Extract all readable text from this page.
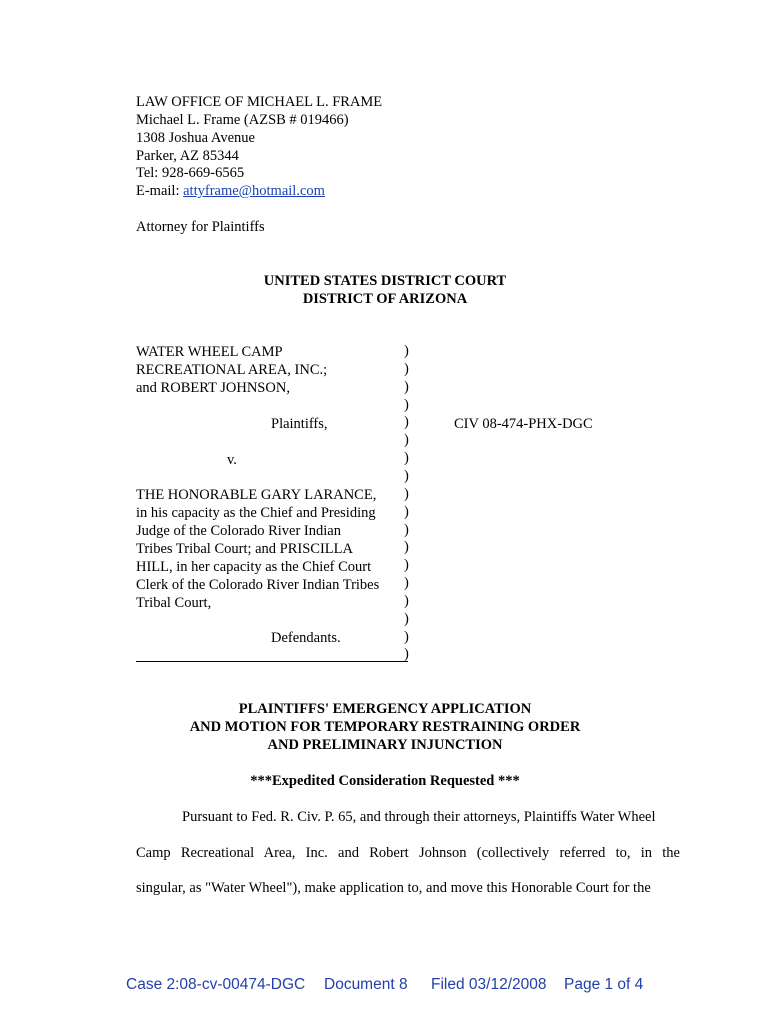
LAW OFFICE OF MICHAEL L. FRAME
Michael L. Frame (AZSB # 019466)
1308 Joshua Avenue
Parker, AZ 85344
Tel: 928-669-6565
E-mail: attyframe@hotmail.com
Attorney for Plaintiffs
UNITED STATES DISTRICT COURT
DISTRICT OF ARIZONA
WATER WHEEL CAMP
RECREATIONAL AREA, INC.;
and ROBERT JOHNSON,
Plaintiffs,	CIV 08-474-PHX-DGC
v.
THE HONORABLE GARY LARANCE,
in his capacity as the Chief and Presiding
Judge of the Colorado River Indian
Tribes Tribal Court; and PRISCILLA
HILL, in her capacity as the Chief Court
Clerk of the Colorado River Indian Tribes
Tribal Court,
Defendants.
)
)
)
)
)
)
)
)
)
)
)
)
)
)
)
)
)
)
PLAINTIFFS' EMERGENCY APPLICATION
AND MOTION FOR TEMPORARY RESTRAINING ORDER
AND PRELIMINARY INJUNCTION
***Expedited Consideration Requested ***
Pursuant to Fed. R. Civ. P. 65, and through their attorneys, Plaintiffs Water Wheel
Camp Recreational Area, Inc. and Robert Johnson (collectively referred to, in the
singular, as "Water Wheel"), make application to, and move this Honorable Court for the
Case 2:08-cv-00474-DGC Document 8 Filed 03/12/2008 Page 1 of 4
